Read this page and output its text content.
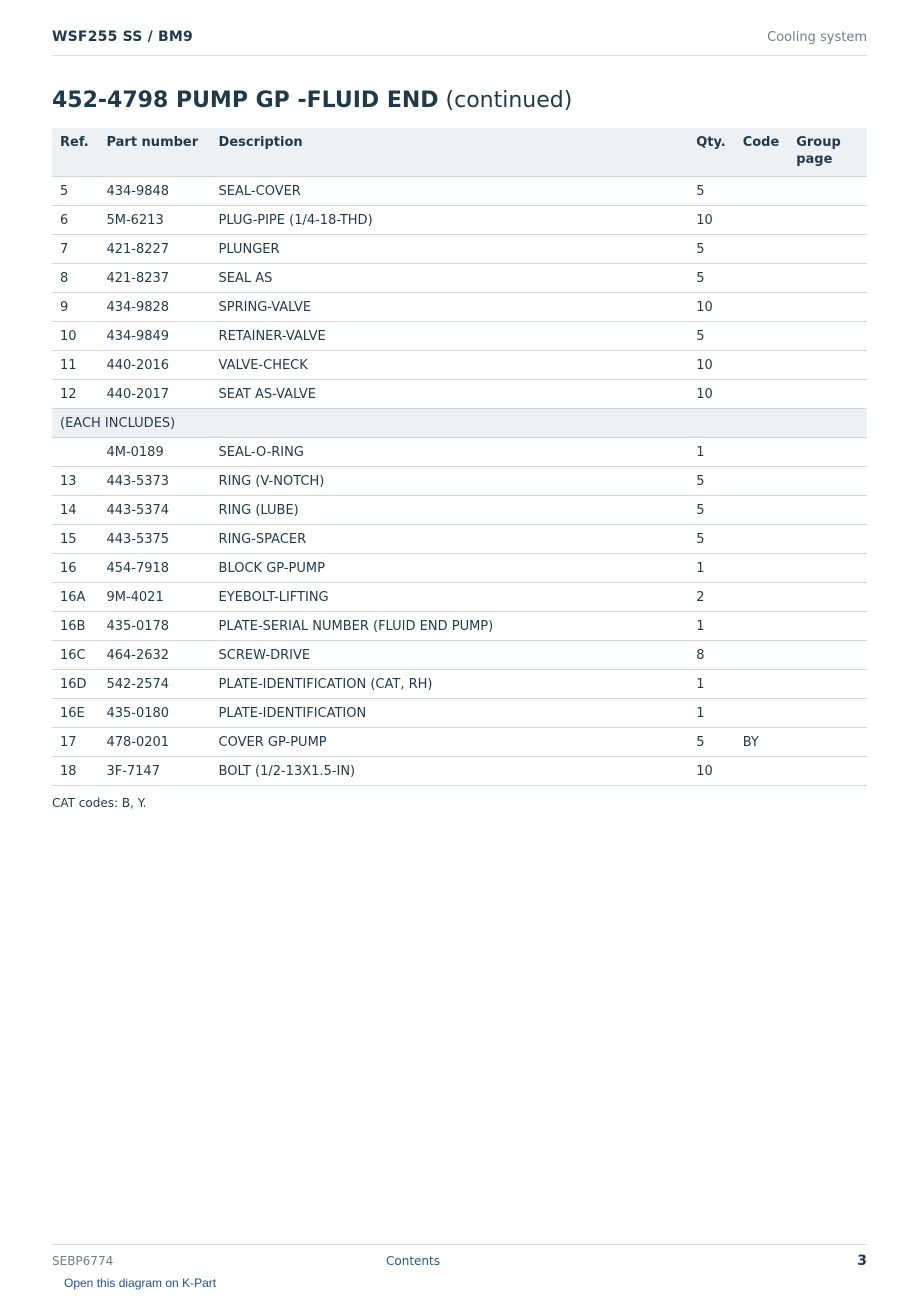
WSF255 SS / BM9	Cooling system
452-4798 PUMP GP -FLUID END (continued)
Ref.	Part number	Description	Qty.	Code	Group page
5	434-9848	SEAL-COVER	5		
6	5M-6213	PLUG-PIPE (1/4-18-THD)	10		
7	421-8227	PLUNGER	5		
8	421-8237	SEAL AS	5		
9	434-9828	SPRING-VALVE	10		
10	434-9849	RETAINER-VALVE	5		
11	440-2016	VALVE-CHECK	10		
12	440-2017	SEAT AS-VALVE	10		
(EACH INCLUDES)					
	4M-0189	SEAL-O-RING	1		
13	443-5373	RING (V-NOTCH)	5		
14	443-5374	RING (LUBE)	5		
15	443-5375	RING-SPACER	5		
16	454-7918	BLOCK GP-PUMP	1		
16A	9M-4021	EYEBOLT-LIFTING	2		
16B	435-0178	PLATE-SERIAL NUMBER (FLUID END PUMP)	1		
16C	464-2632	SCREW-DRIVE	8		
16D	542-2574	PLATE-IDENTIFICATION (CAT, RH)	1		
16E	435-0180	PLATE-IDENTIFICATION	1		
17	478-0201	COVER GP-PUMP	5	BY	
18	3F-7147	BOLT (1/2-13X1.5-IN)	10		
CAT codes: B, Y.
SEBP6774	Contents	3
Open this diagram on K-Part
